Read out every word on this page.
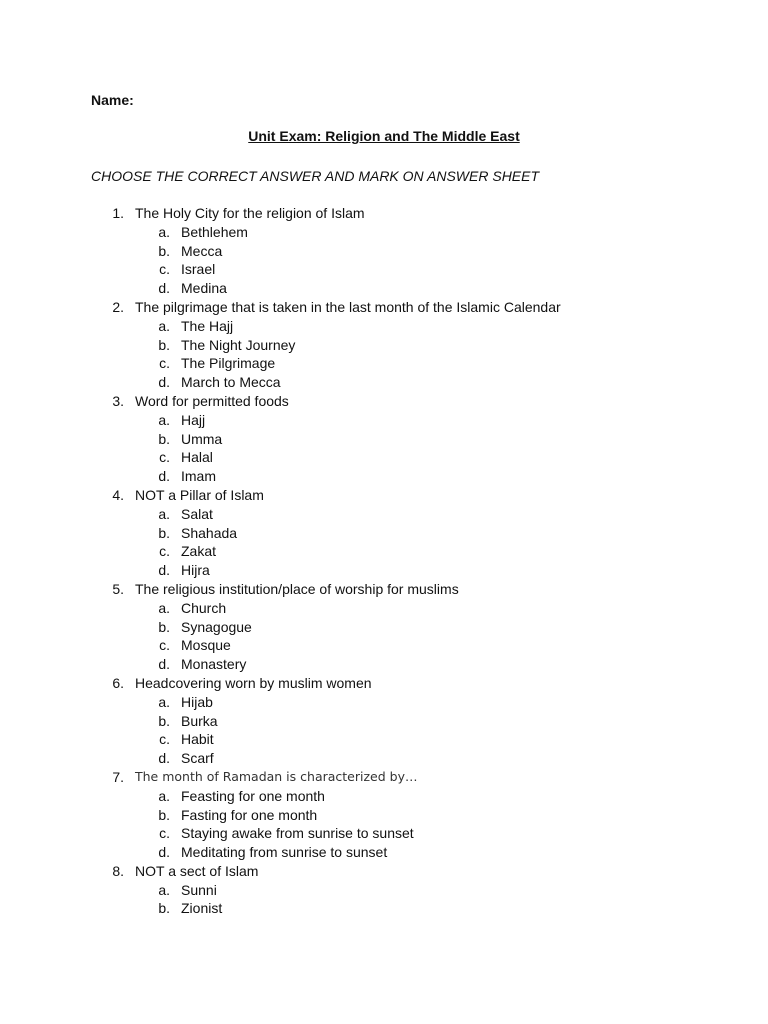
Name:
Unit Exam: Religion and The Middle East
CHOOSE THE CORRECT ANSWER AND MARK ON ANSWER SHEET
1. The Holy City for the religion of Islam
a. Bethlehem
b. Mecca
c. Israel
d. Medina
2. The pilgrimage that is taken in the last month of the Islamic Calendar
a. The Hajj
b. The Night Journey
c. The Pilgrimage
d. March to Mecca
3. Word for permitted foods
a. Hajj
b. Umma
c. Halal
d. Imam
4. NOT a Pillar of Islam
a. Salat
b. Shahada
c. Zakat
d. Hijra
5. The religious institution/place of worship for muslims
a. Church
b. Synagogue
c. Mosque
d. Monastery
6. Headcovering worn by muslim women
a. Hijab
b. Burka
c. Habit
d. Scarf
7. The month of Ramadan is characterized by…
a. Feasting for one month
b. Fasting for one month
c. Staying awake from sunrise to sunset
d. Meditating from sunrise to sunset
8. NOT a sect of Islam
a. Sunni
b. Zionist
